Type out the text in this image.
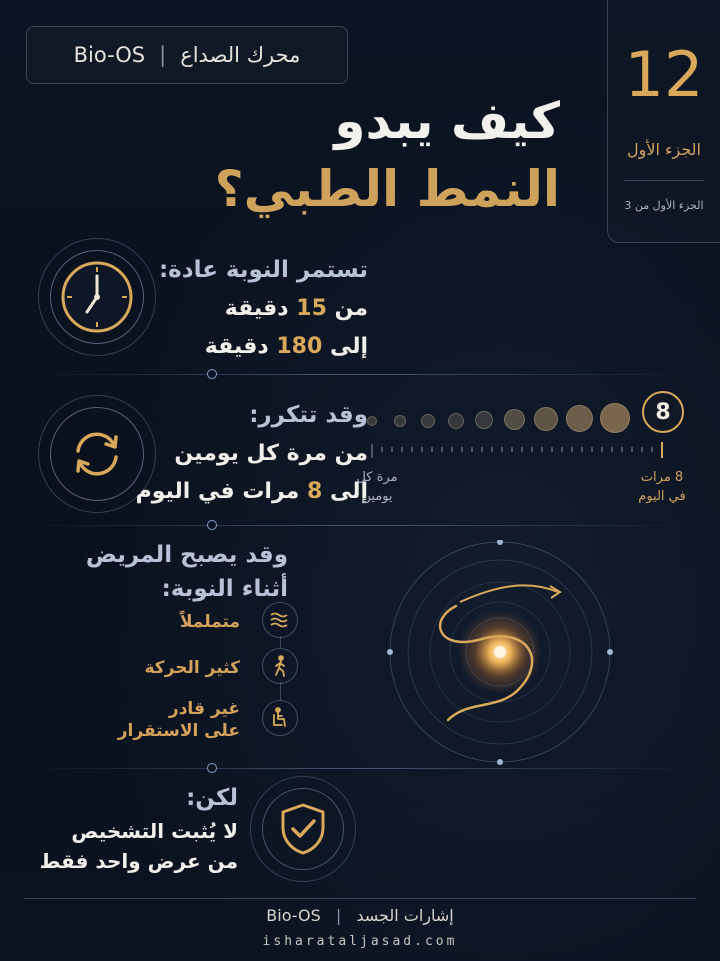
محرك الصداع
|
Bio-OS	12
الجزء الأول
الجزء الأول من 3
كيف يبدو
النمط الطبي؟
تستمر النوبة عادة:
من 15 دقيقة
إلى 180 دقيقة
وقد تتكرر:
من مرة كل يومين
إلى 8 مرات في اليوم
8
مرة كل
يومين
8 مرات
في اليوم
وقد يصبح المريض
أثناء النوبة:
متململاً
كثير الحركة
غير قادر
على الاستقرار
لكن:
لا يُثبت التشخيص
من عرض واحد فقط
إشارات الجسد | Bio-OS
isharataljasad.com
